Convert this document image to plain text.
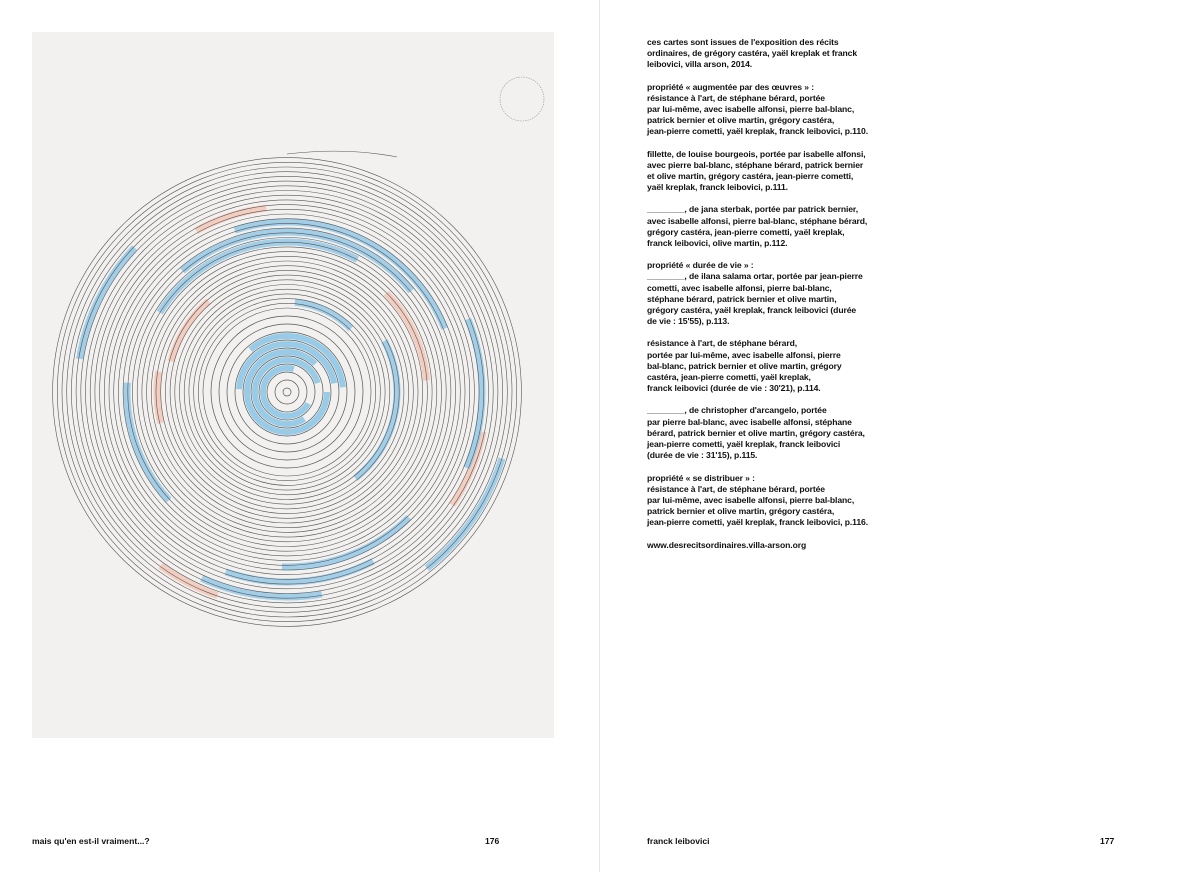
mais qu'en est-il vraiment...?	176	franck leibovici	177

ces cartes sont issues de l'exposition des récits
ordinaires, de grégory castéra, yaël kreplak et franck
leibovici, villa arson, 2014.

propriété « augmentée par des œuvres » :
résistance à l'art, de stéphane bérard, portée
par lui-même, avec isabelle alfonsi, pierre bal-blanc,
patrick bernier et olive martin, grégory castéra,
jean-pierre cometti, yaël kreplak, franck leibovici, p.110.

fillette, de louise bourgeois, portée par isabelle alfonsi,
avec pierre bal-blanc, stéphane bérard, patrick bernier
et olive martin, grégory castéra, jean-pierre cometti,
yaël kreplak, franck leibovici, p.111.

________, de jana sterbak, portée par patrick bernier,
avec isabelle alfonsi, pierre bal-blanc, stéphane bérard,
grégory castéra, jean-pierre cometti, yaël kreplak,
franck leibovici, olive martin, p.112.

propriété « durée de vie » :
________, de ilana salama ortar, portée par jean-pierre
cometti, avec isabelle alfonsi, pierre bal-blanc,
stéphane bérard, patrick bernier et olive martin,
grégory castéra, yaël kreplak, franck leibovici (durée
de vie : 15'55), p.113.

résistance à l'art, de stéphane bérard,
portée par lui-même, avec isabelle alfonsi, pierre
bal-blanc, patrick bernier et olive martin, grégory
castéra, jean-pierre cometti, yaël kreplak,
franck leibovici (durée de vie : 30'21), p.114.

________, de christopher d'arcangelo, portée
par pierre bal-blanc, avec isabelle alfonsi, stéphane
bérard, patrick bernier et olive martin, grégory castéra,
jean-pierre cometti, yaël kreplak, franck leibovici
(durée de vie : 31'15), p.115.

propriété « se distribuer » :
résistance à l'art, de stéphane bérard, portée
par lui-même, avec isabelle alfonsi, pierre bal-blanc,
patrick bernier et olive martin, grégory castéra,
jean-pierre cometti, yaël kreplak, franck leibovici, p.116.

www.desrecitsordinaires.villa-arson.org
